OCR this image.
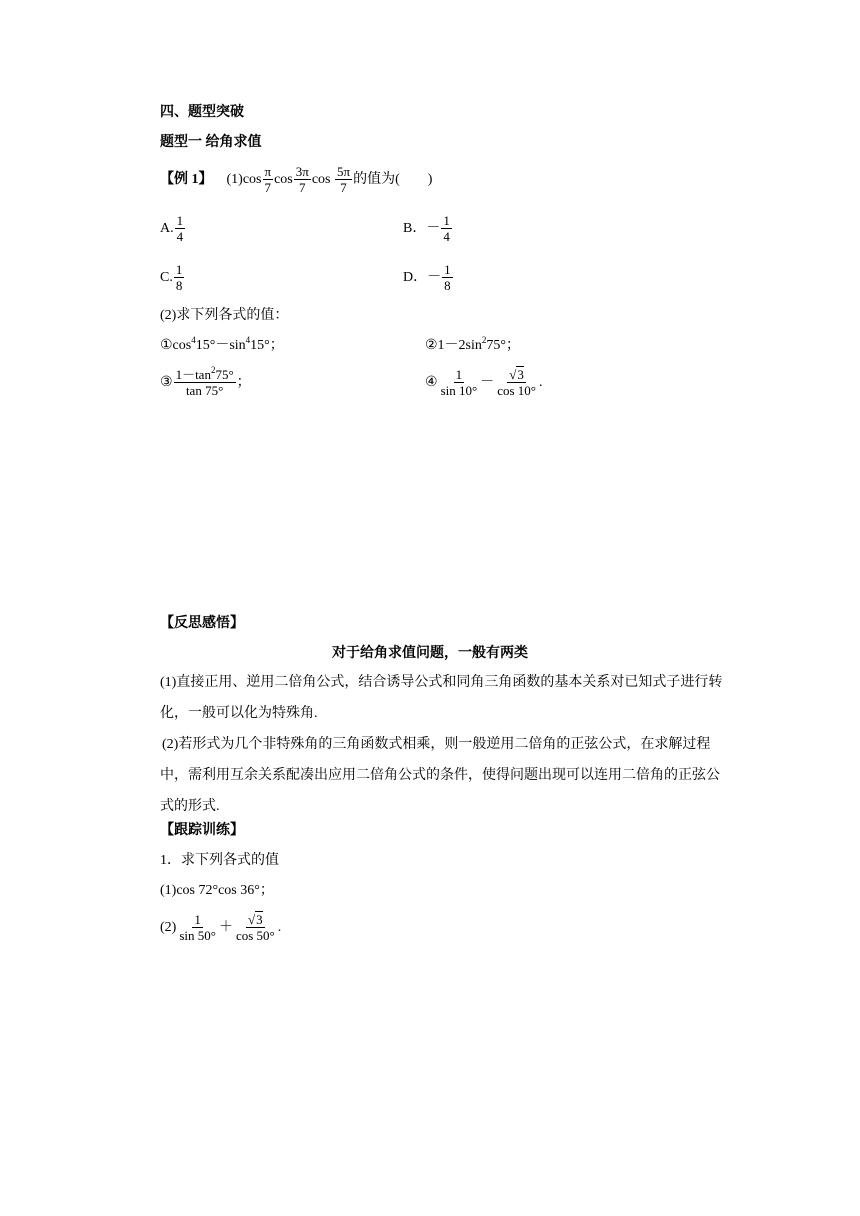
四、题型突破
题型一 给角求值
【例 1】 $(1)\cos \frac{\pi}{7}$ $\cos \frac{3\pi}{7}$ $\cos \frac{5\pi}{7}$ 的值为(　　)
A. $\frac{1}{4}$	B．－ $\frac{1}{4}$
C. $\frac{1}{8}$	D．－ $\frac{1}{8}$
(2)求下列各式的值：
$①\cos^415^\circ-\sin^415^\circ$；	$②1-2\sin^275^\circ$；
③ $\frac{1-\tan^275^\circ}{\tan 75^\circ}$ ；	④ $\frac{1}{\sin 10^\circ} - \frac{√3}{\cos 10^\circ}$ .
【反思感悟】
对于给角求值问题，一般有两类
(1)直接正用、逆用二倍角公式，结合诱导公式和同角三角函数的基本关系对已知式子进行转化，一般可以化为特殊角.
(2)若形式为几个非特殊角的三角函数式相乘，则一般逆用二倍角的正弦公式，在求解过程中，需利用互余关系配凑出应用二倍角公式的条件，使得问题出现可以连用二倍角的正弦公式的形式.
【跟踪训练】
1．求下列各式的值
(1)cos 72°cos 36°；
$(2) \frac{1}{\sin 50^\circ} + \frac{√3}{\cos 50^\circ}$ .
